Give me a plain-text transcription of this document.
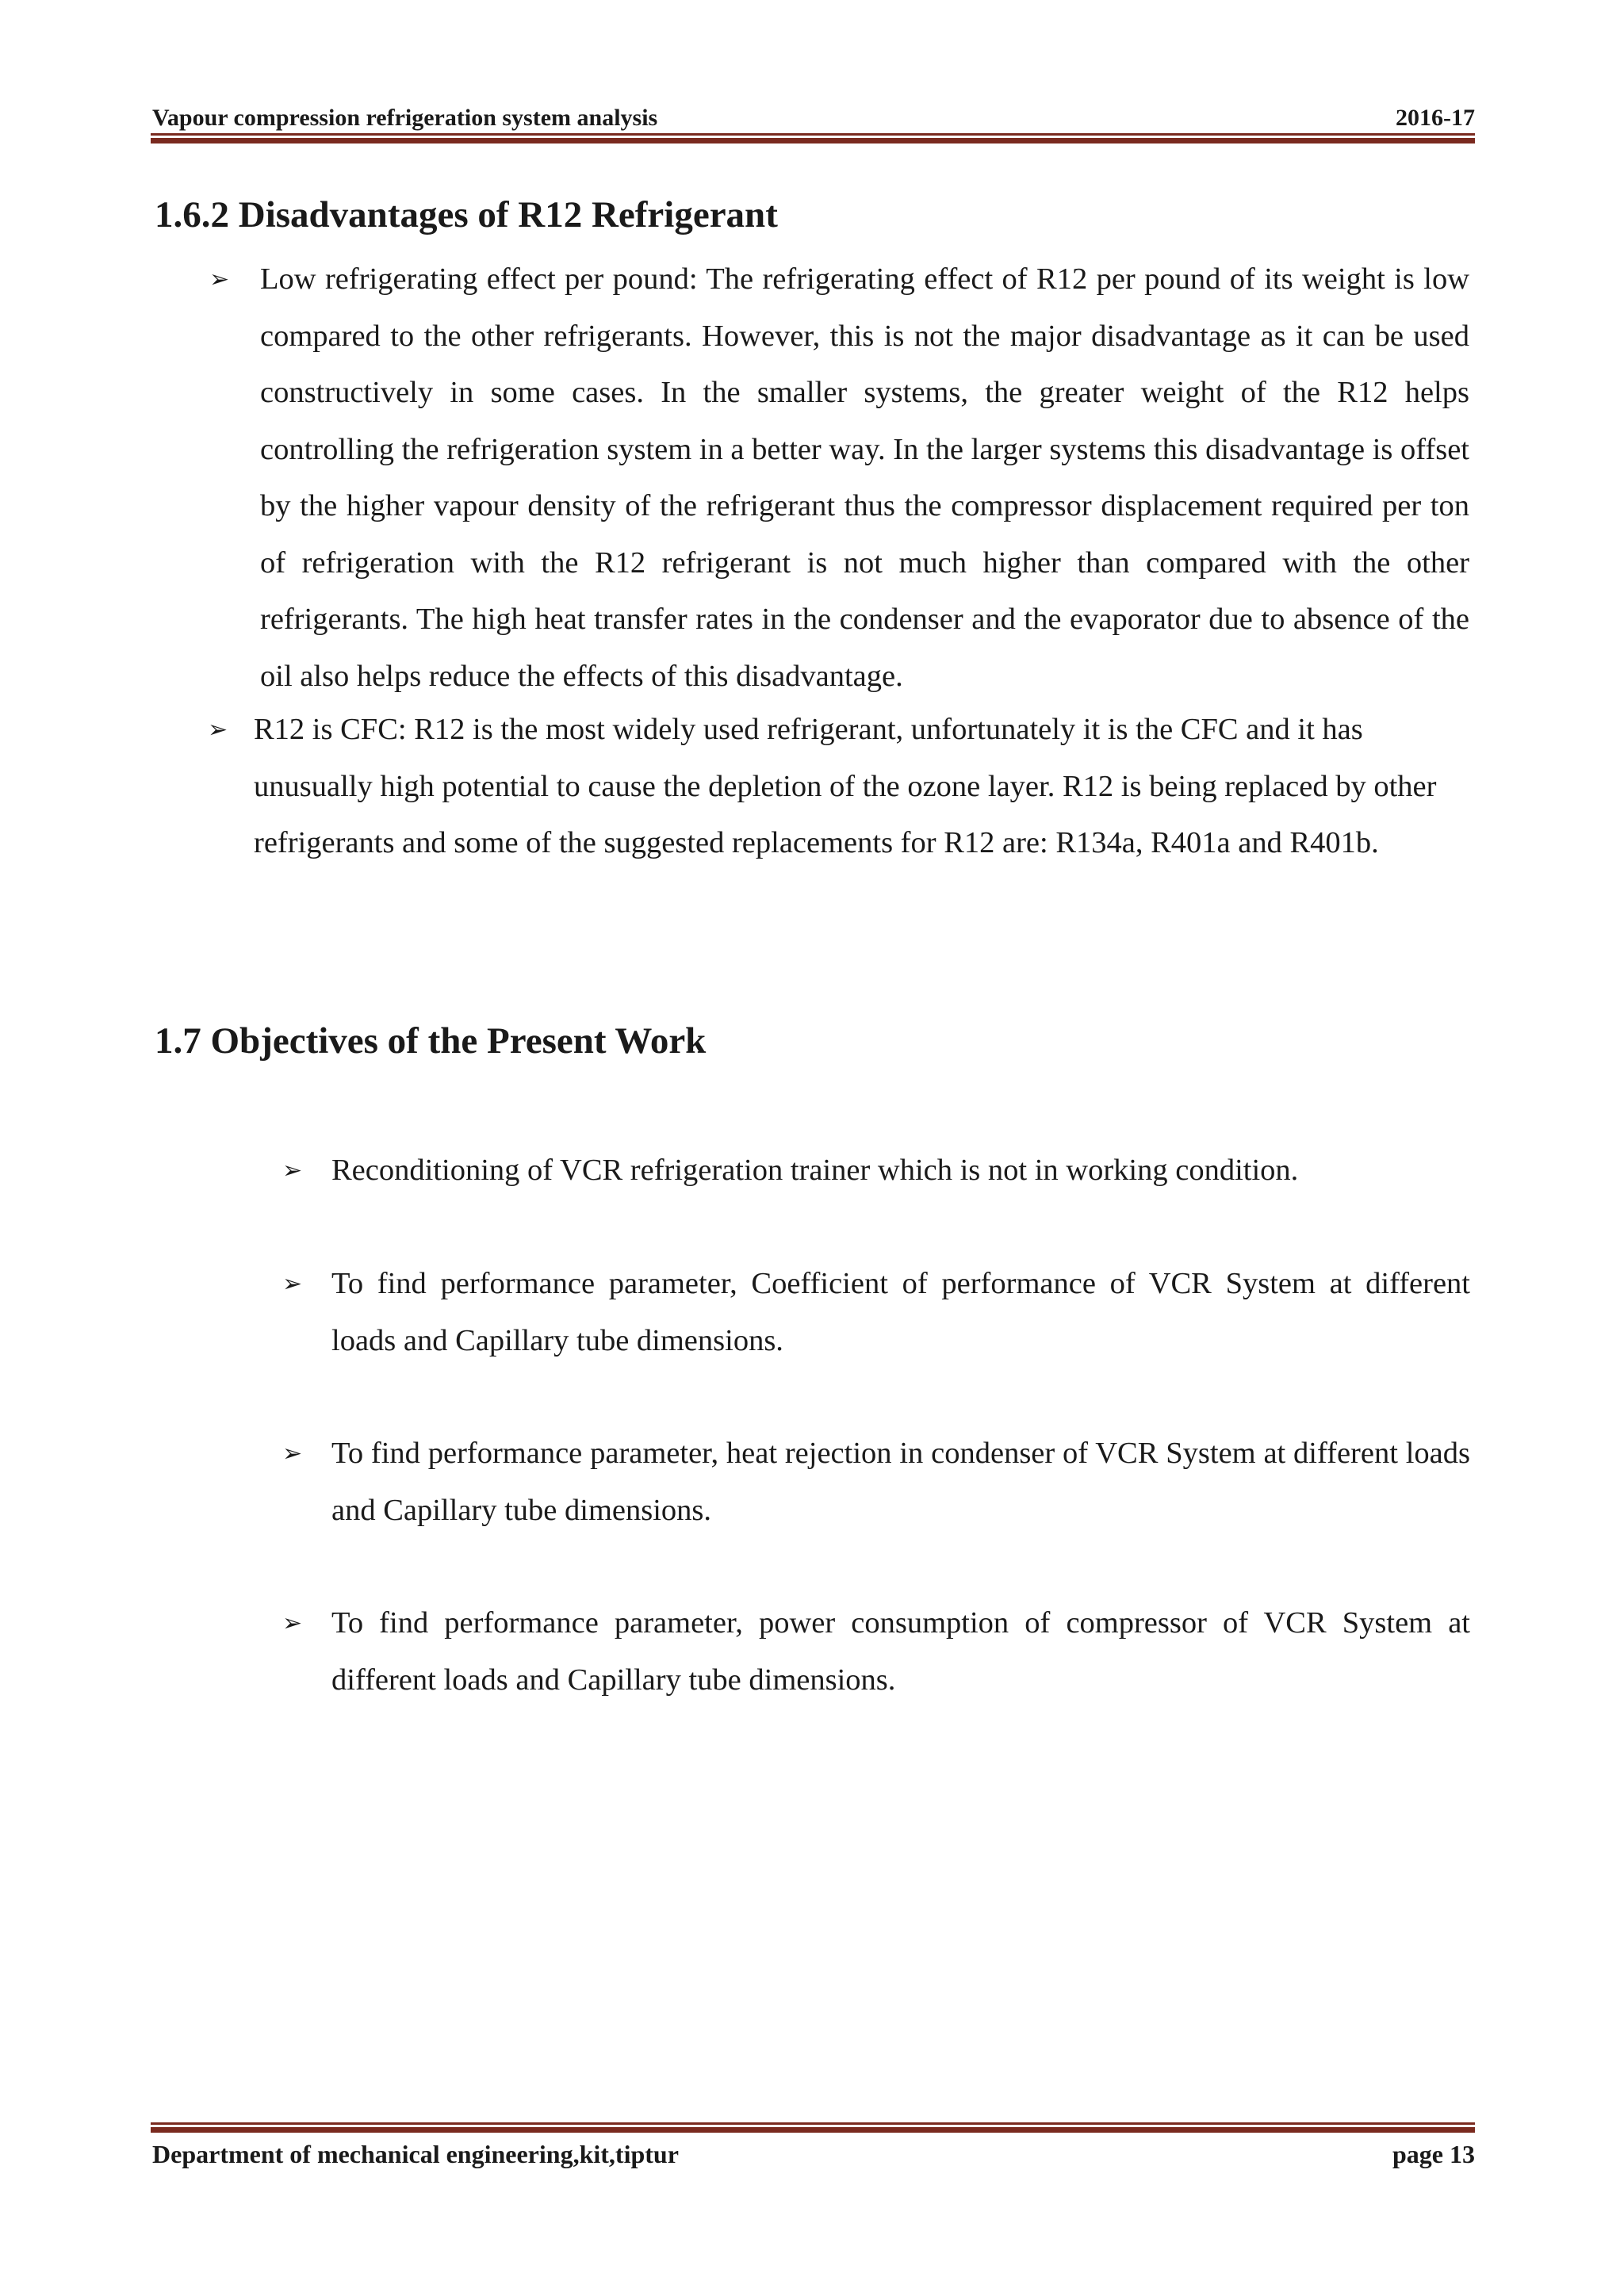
Vapour compression refrigeration system analysis	2016-17
1.6.2 Disadvantages of R12 Refrigerant
➢ Low refrigerating effect per pound: The refrigerating effect of R12 per pound of its weight is low compared to the other refrigerants. However, this is not the major disadvantage as it can be used constructively in some cases. In the smaller systems, the greater weight of the R12 helps controlling the refrigeration system in a better way. In the larger systems this disadvantage is offset by the higher vapour density of the refrigerant thus the compressor displacement required per ton of refrigeration with the R12 refrigerant is not much higher than compared with the other refrigerants. The high heat transfer rates in the condenser and the evaporator due to absence of the oil also helps reduce the effects of this disadvantage.

➢ R12 is CFC: R12 is the most widely used refrigerant, unfortunately it is the CFC and it has unusually high potential to cause the depletion of the ozone layer. R12 is being replaced by other refrigerants and some of the suggested replacements for R12 are: R134a, R401a and R401b.

1.7 Objectives of the Present Work
➢ Reconditioning of VCR refrigeration trainer which is not in working condition.

➢ To find performance parameter, Coefficient of performance of VCR System at different loads and Capillary tube dimensions.

➢ To find performance parameter, heat rejection in condenser of VCR System at different loads and Capillary tube dimensions.

➢ To find performance parameter, power consumption of compressor of VCR System at different loads and Capillary tube dimensions.

Department of mechanical engineering,kit,tiptur	page 13
